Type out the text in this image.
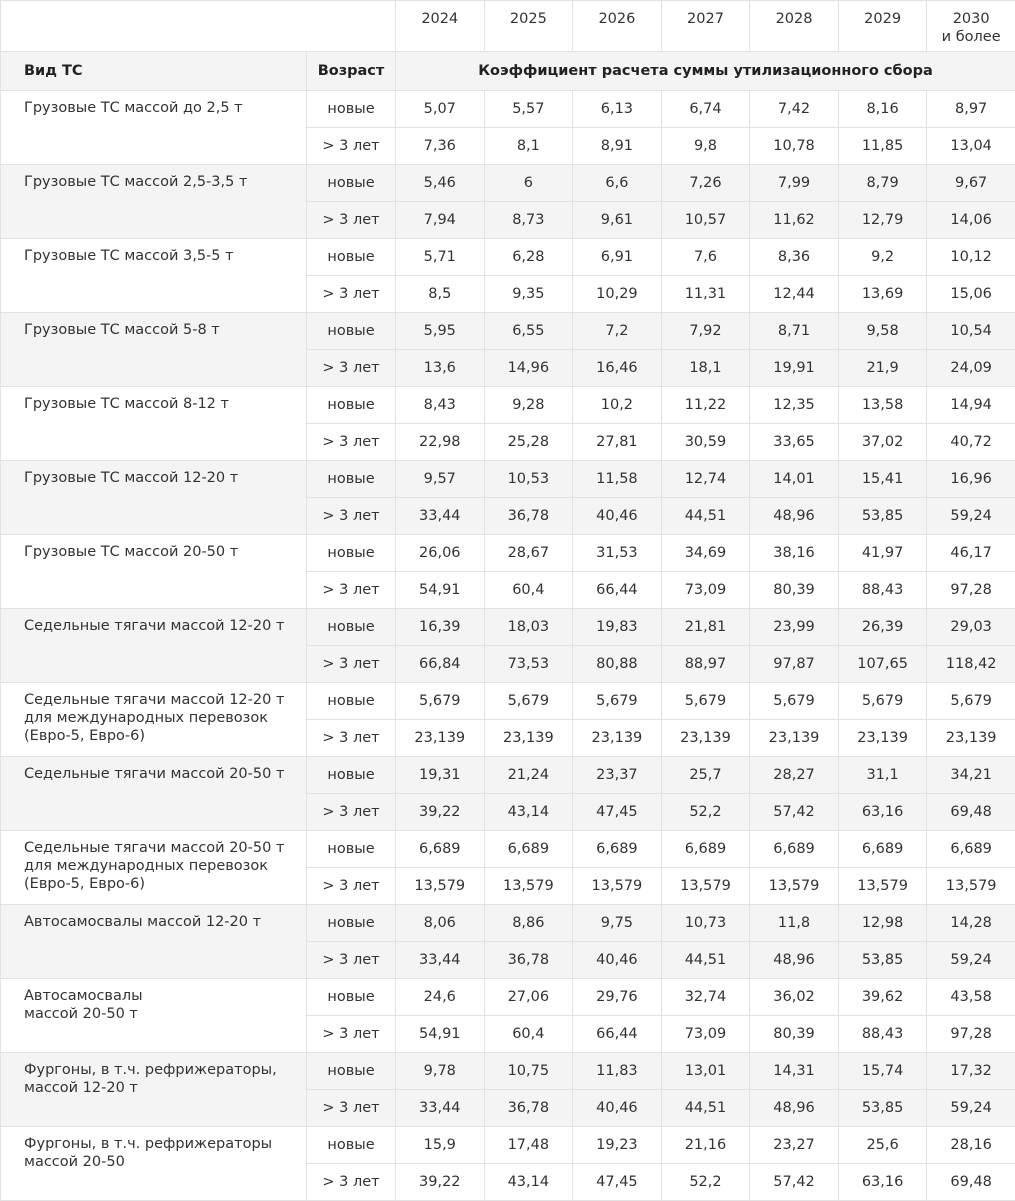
		2024	2025	2026	2027	2028	2029	2030
и более
Вид ТС	Возраст	Коэффициент расчета суммы утилизационного сбора						
Грузовые ТС массой до 2,5 т	новые	5,07	5,57	6,13	6,74	7,42	8,16	8,97
	> 3 лет	7,36	8,1	8,91	9,8	10,78	11,85	13,04
Грузовые ТС массой 2,5-3,5 т	новые	5,46	6	6,6	7,26	7,99	8,79	9,67
	> 3 лет	7,94	8,73	9,61	10,57	11,62	12,79	14,06
Грузовые ТС массой 3,5-5 т	новые	5,71	6,28	6,91	7,6	8,36	9,2	10,12
	> 3 лет	8,5	9,35	10,29	11,31	12,44	13,69	15,06
Грузовые ТС массой 5-8 т	новые	5,95	6,55	7,2	7,92	8,71	9,58	10,54
	> 3 лет	13,6	14,96	16,46	18,1	19,91	21,9	24,09
Грузовые ТС массой 8-12 т	новые	8,43	9,28	10,2	11,22	12,35	13,58	14,94
	> 3 лет	22,98	25,28	27,81	30,59	33,65	37,02	40,72
Грузовые ТС массой 12-20 т	новые	9,57	10,53	11,58	12,74	14,01	15,41	16,96
	> 3 лет	33,44	36,78	40,46	44,51	48,96	53,85	59,24
Грузовые ТС массой 20-50 т	новые	26,06	28,67	31,53	34,69	38,16	41,97	46,17
	> 3 лет	54,91	60,4	66,44	73,09	80,39	88,43	97,28
Седельные тягачи массой 12-20 т	новые	16,39	18,03	19,83	21,81	23,99	26,39	29,03
	> 3 лет	66,84	73,53	80,88	88,97	97,87	107,65	118,42
Седельные тягачи массой 12-20 т для международных перевозок (Евро-5, Евро-6)	новые	5,679	5,679	5,679	5,679	5,679	5,679	5,679
	> 3 лет	23,139	23,139	23,139	23,139	23,139	23,139	23,139
Седельные тягачи массой 20-50 т	новые	19,31	21,24	23,37	25,7	28,27	31,1	34,21
	> 3 лет	39,22	43,14	47,45	52,2	57,42	63,16	69,48
Седельные тягачи массой 20-50 т для международных перевозок (Евро-5, Евро-6)	новые	6,689	6,689	6,689	6,689	6,689	6,689	6,689
	> 3 лет	13,579	13,579	13,579	13,579	13,579	13,579	13,579
Автосамосвалы массой 12-20 т	новые	8,06	8,86	9,75	10,73	11,8	12,98	14,28
	> 3 лет	33,44	36,78	40,46	44,51	48,96	53,85	59,24
Автосамосвалы
массой 20-50 т	новые	24,6	27,06	29,76	32,74	36,02	39,62	43,58
	> 3 лет	54,91	60,4	66,44	73,09	80,39	88,43	97,28
Фургоны, в т.ч. рефрижераторы, массой 12-20 т	новые	9,78	10,75	11,83	13,01	14,31	15,74	17,32
	> 3 лет	33,44	36,78	40,46	44,51	48,96	53,85	59,24
Фургоны, в т.ч. рефрижераторы
массой 20-50	новые	15,9	17,48	19,23	21,16	23,27	25,6	28,16
	> 3 лет	39,22	43,14	47,45	52,2	57,42	63,16	69,48
